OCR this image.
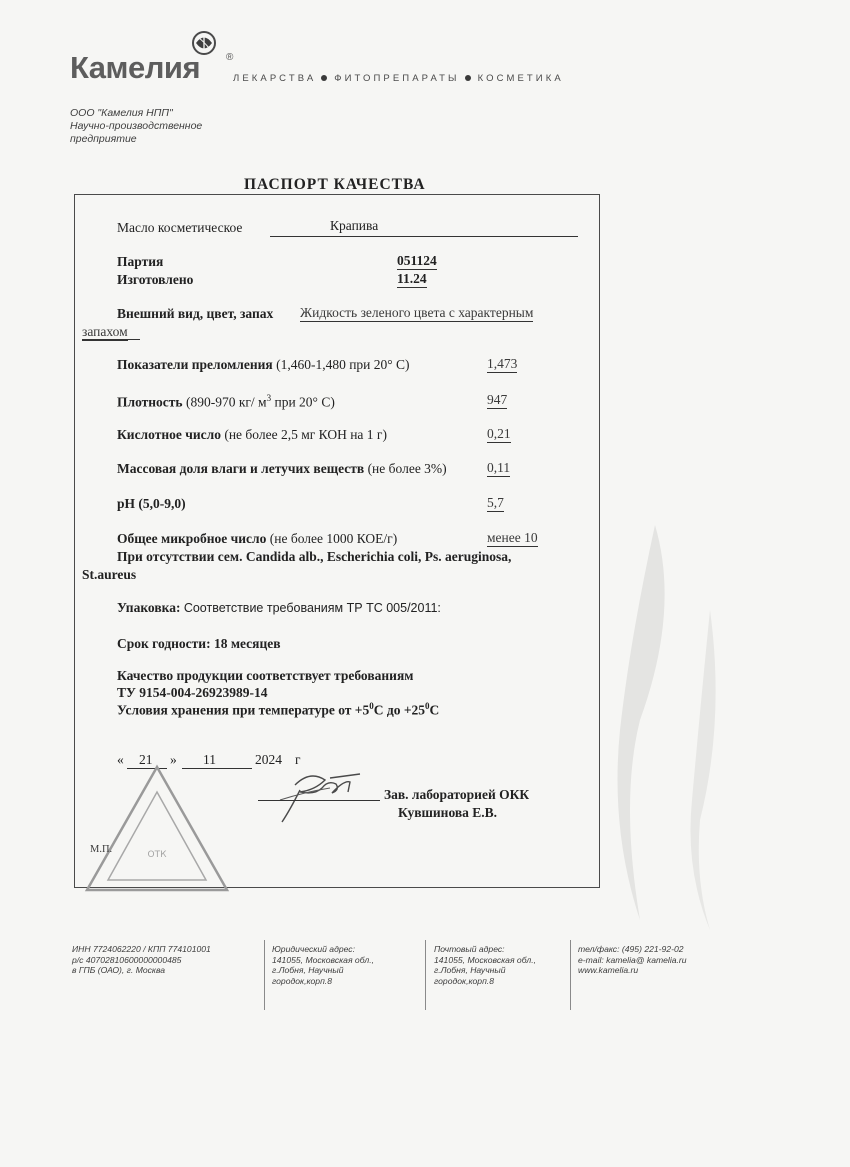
Камелия	®
ЛЕКАРСТВА ФИТОПРЕПАРАТЫ КОСМЕТИКА
ООО "Камелия НПП"
Научно-производственное
предприятие
ПАСПОРТ КАЧЕСТВА
Масло косметическое	Крапива
Партия	051124
Изготовлено	11.24
Внешний вид, цвет, запах Жидкость зеленого цвета с характерным
запахом
Показатели преломления (1,460-1,480 при 20° С)	1,473
Плотность (890-970 кг/ $м^3$ при 20° С)	947
Кислотное число (не более 2,5 мг КОН на 1 г)	0,21
Массовая доля влаги и летучих веществ (не более 3%)	0,11
pH (5,0-9,0)	5,7
Общее микробное число (не более 1000 КОЕ/г)	менее 10
При отсутствии сем. Candida alb., Escherichia coli, Ps. aeruginosa,
St.aureus
Упаковка: Соответствие требованиям ТР ТС 005/2011:
Срок годности: 18 месяцев
Качество продукции соответствует требованиям
ТУ 9154-004-26923989-14
Условия хранения при температуре от $+5^0С$ до $+25^0С$
« 21 » 11	2024 г
Зав. лабораторией ОКК
Кувшинова Е.В.
ОТК
М.П.
ИНН 7724062220 / КПП 774101001
р/с 40702810600000000485
в ГПБ (ОАО), г. Москва
Юридический адрес:
141055, Московская обл.,
г.Лобня, Научный
городок,корп.8
Почтовый адрес:
141055, Московская обл.,
г.Лобня, Научный
городок,корп.8
тел/факс: (495) 221-92-02
e-mail: kamelia@ kamelia.ru
www.kamelia.ru
